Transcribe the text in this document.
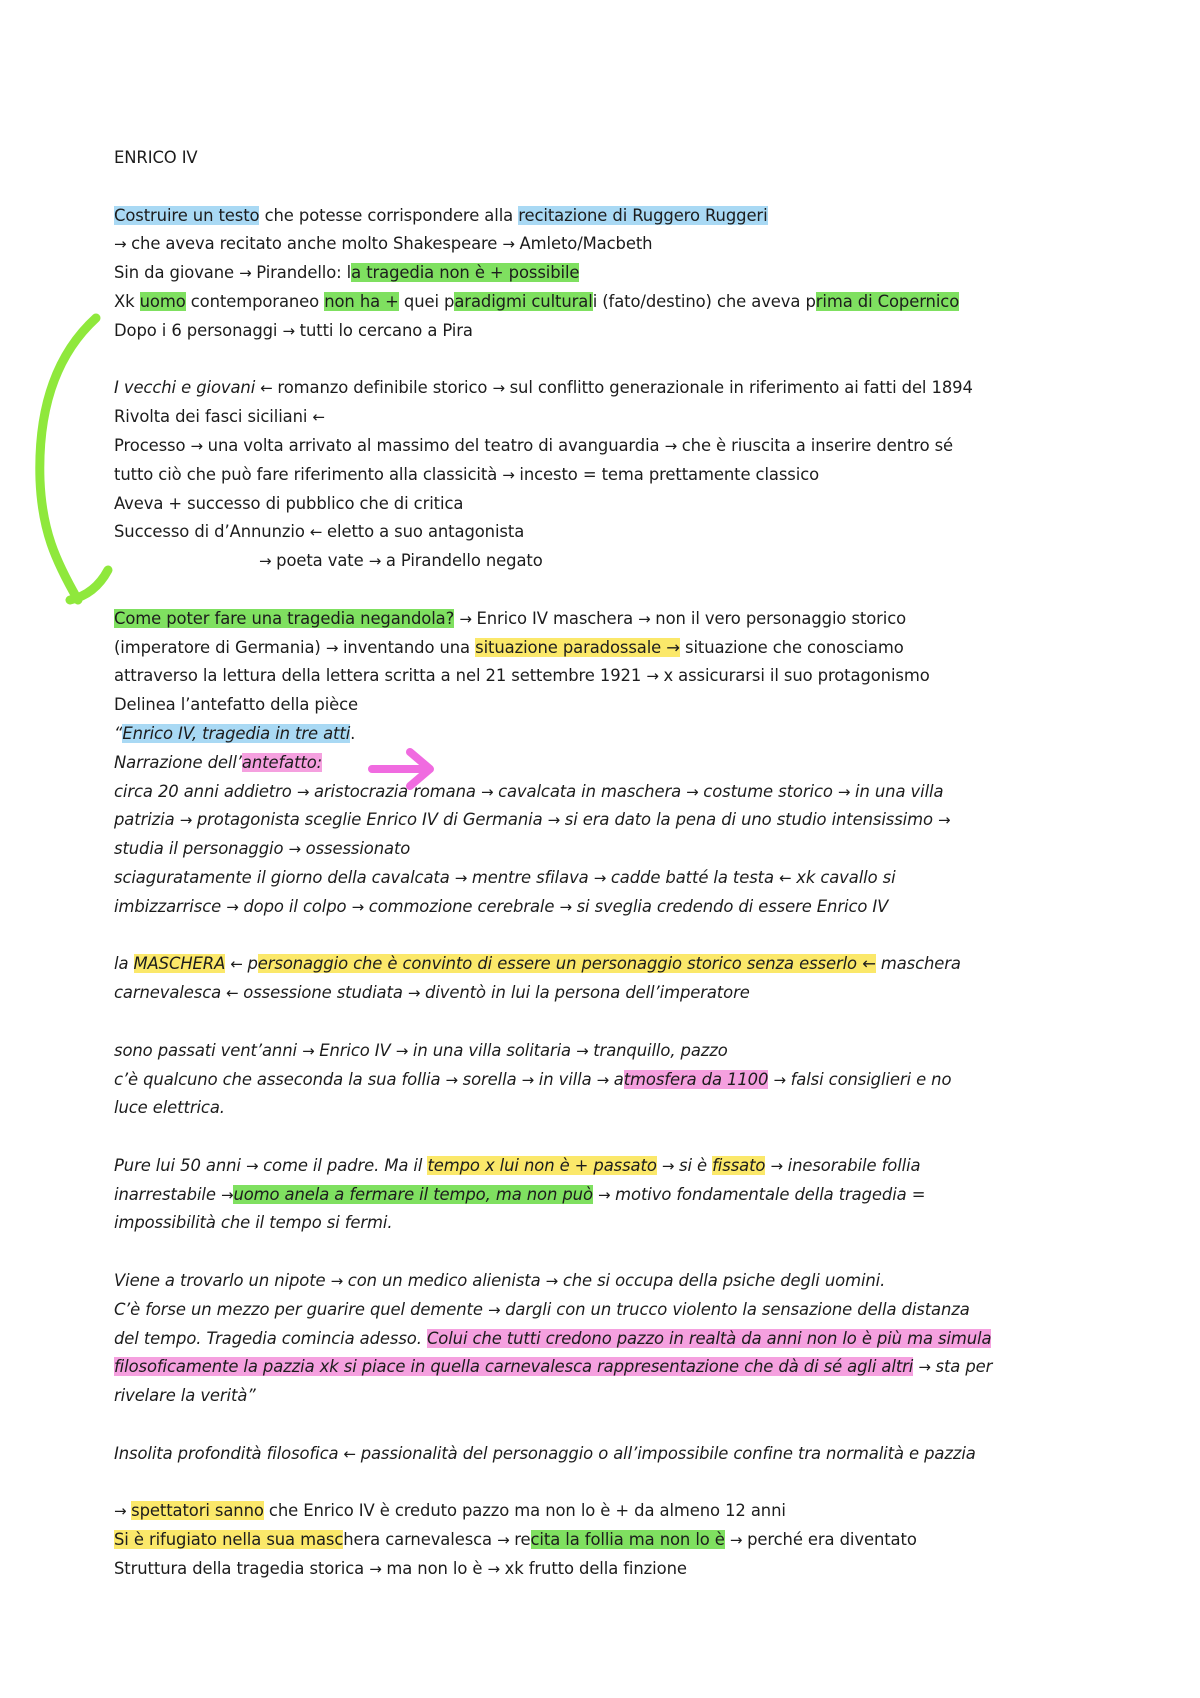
ENRICO IV
Costruire un testo che potesse corrispondere alla recitazione di Ruggero Ruggeri
→ che aveva recitato anche molto Shakespeare → Amleto/Macbeth
Sin da giovane → Pirandello: la tragedia non è + possibile
Xk uomo contemporaneo non ha + quei paradigmi culturali (fato/destino) che aveva prima di Copernico
Dopo i 6 personaggi → tutti lo cercano a Pira
I vecchi e giovani ← romanzo definibile storico → sul conflitto generazionale in riferimento ai fatti del 1894
Rivolta dei fasci siciliani ←
Processo → una volta arrivato al massimo del teatro di avanguardia → che è riuscita a inserire dentro sé
tutto ciò che può fare riferimento alla classicità → incesto = tema prettamente classico
Aveva + successo di pubblico che di critica
Successo di d’Annunzio ← eletto a suo antagonista
→ poeta vate → a Pirandello negato
Come poter fare una tragedia negandola? → Enrico IV maschera → non il vero personaggio storico
(imperatore di Germania) → inventando una situazione paradossale → situazione che conosciamo
attraverso la lettura della lettera scritta a nel 21 settembre 1921 → x assicurarsi il suo protagonismo
Delinea l’antefatto della pièce
“Enrico IV, tragedia in tre atti.
Narrazione dell’antefatto:
circa 20 anni addietro → aristocrazia romana → cavalcata in maschera → costume storico → in una villa
patrizia → protagonista sceglie Enrico IV di Germania → si era dato la pena di uno studio intensissimo →
studia il personaggio → ossessionato
sciaguratamente il giorno della cavalcata → mentre sfilava → cadde batté la testa ← xk cavallo si
imbizzarrisce → dopo il colpo → commozione cerebrale → si sveglia credendo di essere Enrico IV
la MASCHERA ← personaggio che è convinto di essere un personaggio storico senza esserlo ← maschera
carnevalesca ← ossessione studiata → diventò in lui la persona dell’imperatore
sono passati vent’anni → Enrico IV → in una villa solitaria → tranquillo, pazzo
c’è qualcuno che asseconda la sua follia → sorella → in villa → atmosfera da 1100 → falsi consiglieri e no
luce elettrica.
Pure lui 50 anni → come il padre. Ma il tempo x lui non è + passato → si è fissato → inesorabile follia
inarrestabile →uomo anela a fermare il tempo, ma non può → motivo fondamentale della tragedia =
impossibilità che il tempo si fermi.
Viene a trovarlo un nipote → con un medico alienista → che si occupa della psiche degli uomini.
C’è forse un mezzo per guarire quel demente → dargli con un trucco violento la sensazione della distanza
del tempo. Tragedia comincia adesso. Colui che tutti credono pazzo in realtà da anni non lo è più ma simula
filosoficamente la pazzia xk si piace in quella carnevalesca rappresentazione che dà di sé agli altri → sta per
rivelare la verità”
Insolita profondità filosofica ← passionalità del personaggio o all’impossibile confine tra normalità e pazzia
→ spettatori sanno che Enrico IV è creduto pazzo ma non lo è + da almeno 12 anni
Si è rifugiato nella sua maschera carnevalesca → recita la follia ma non lo è → perché era diventato
Struttura della tragedia storica → ma non lo è → xk frutto della finzione
